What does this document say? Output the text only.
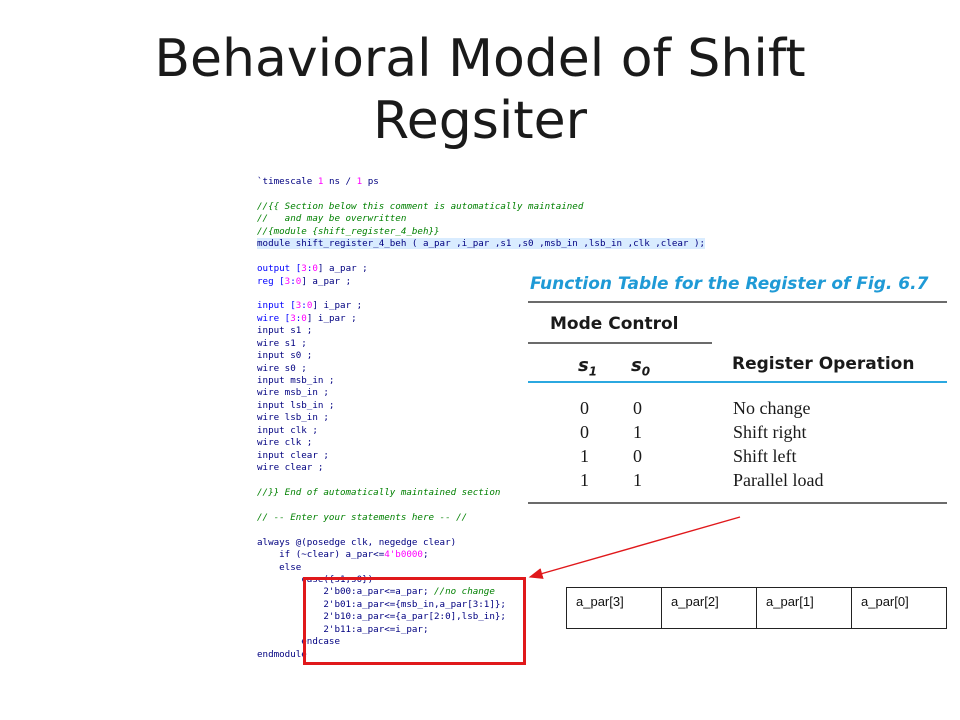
Behavioral Model of Shift
Regsiter
`timescale 1 ns / 1 ps
//{{ Section below this comment is automatically maintained
//   and may be overwritten
//{module {shift_register_4_beh}}
module shift_register_4_beh ( a_par ,i_par ,s1 ,s0 ,msb_in ,lsb_in ,clk ,clear );
output [3:0] a_par ;
reg [3:0] a_par ;
input [3:0] i_par ;
wire [3:0] i_par ;
input s1 ;
wire s1 ;
input s0 ;
wire s0 ;
input msb_in ;
wire msb_in ;
input lsb_in ;
wire lsb_in ;
input clk ;
wire clk ;
input clear ;
wire clear ;
//}} End of automatically maintained section
// -- Enter your statements here -- //
always @(posedge clk, negedge clear)
if (~clear) a_par<=4'b0000;
else
case({s1,s0})
2'b00:a_par<=a_par; //no change
2'b01:a_par<={msb_in,a_par[3:1]};
2'b10:a_par<={a_par[2:0],lsb_in};
2'b11:a_par<=i_par;
endcase
endmodule
Function Table for the Register of Fig. 6.7
Mode Control
$s_1$ $s_0$	Register Operation
0 0	No change
0 1	Shift right
1 0	Shift left
1 1	Parallel load
a_par[3]	a_par[2]	a_par[1]	a_par[0]
